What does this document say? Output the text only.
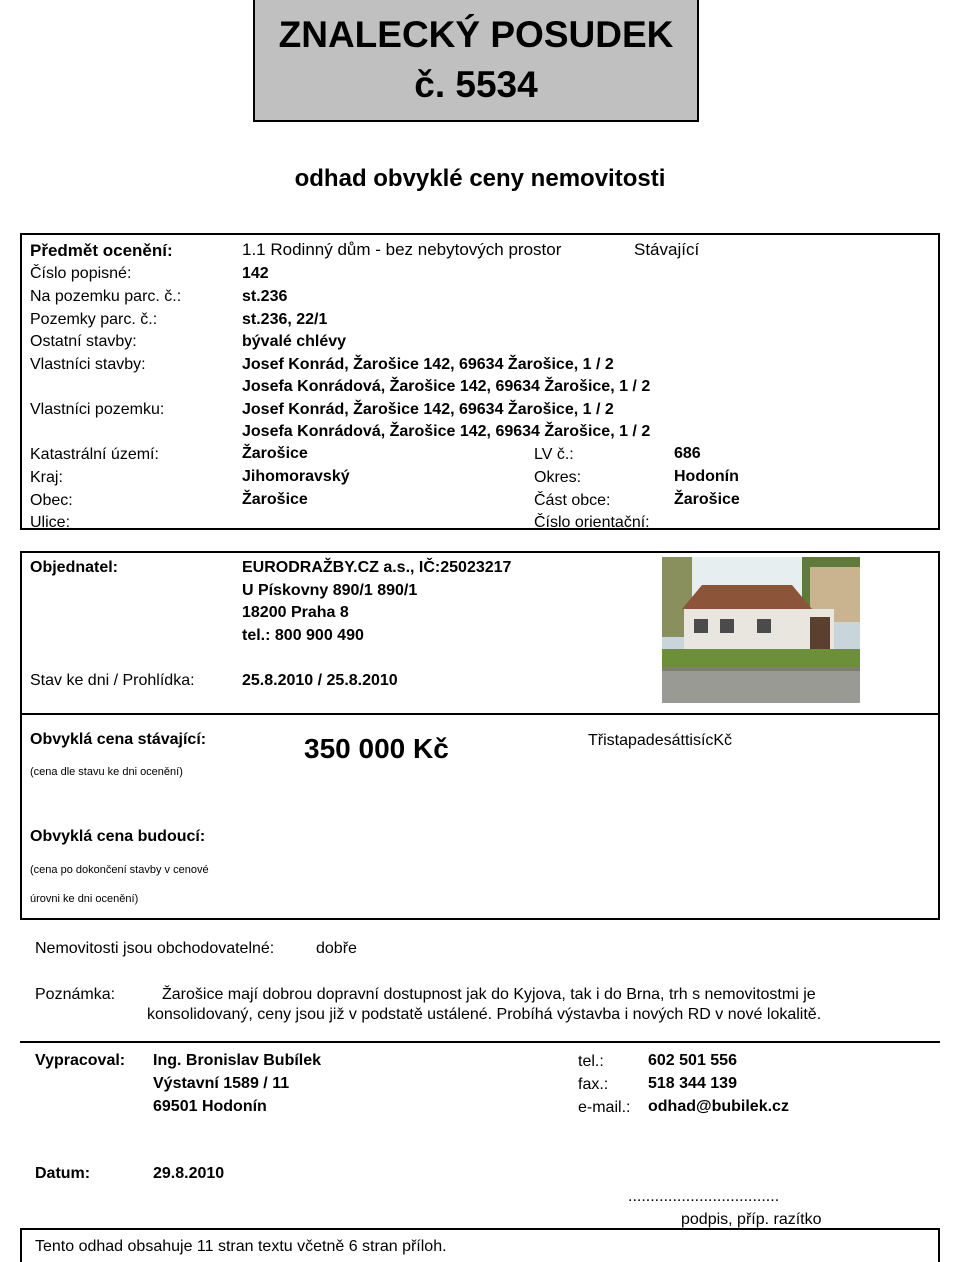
ZNALECKÝ POSUDEK
č. 5534
odhad obvyklé ceny nemovitosti
Předmět ocenění:	1.1 Rodinný dům - bez nebytových prostor	Stávající
Číslo popisné:	142
Na pozemku parc. č.:	st.236
Pozemky parc. č.:	st.236, 22/1
Ostatní stavby:	bývalé chlévy
Vlastníci stavby:	Josef Konrád, Žarošice 142, 69634 Žarošice, 1 / 2
Josefa Konrádová, Žarošice 142, 69634 Žarošice, 1 / 2
Vlastníci pozemku:	Josef Konrád, Žarošice 142, 69634 Žarošice, 1 / 2
Josefa Konrádová, Žarošice 142, 69634 Žarošice, 1 / 2
Katastrální území:	Žarošice	LV č.:	686
Kraj:	Jihomoravský	Okres:	Hodonín
Obec:	Žarošice	Část obce:	Žarošice
Ulice:	Číslo orientační:
Objednatel:	EURODRAŽBY.CZ a.s., IČ:25023217
U Pískovny 890/1 890/1
18200 Praha 8
tel.: 800 900 490
Stav ke dni / Prohlídka:	25.8.2010 / 25.8.2010
Obvyklá cena stávající:
(cena dle stavu ke dni ocenění)
350 000 Kč	TřistapadesáttisícKč
Obvyklá cena budoucí:
(cena po dokončení stavby v cenové
úrovni ke dni ocenění)
Nemovitosti jsou obchodovatelné:	dobře
Poznámka:	Žarošice mají dobrou dopravní dostupnost jak do Kyjova, tak i do Brna, trh s nemovitostmi je
konsolidovaný, ceny jsou již v podstatě ustálené. Probíhá výstavba i nových RD v nové lokalitě.
Vypracoval: Ing. Bronislav Bubílek
Výstavní 1589 / 11
69501 Hodonín
tel.:	602 501 556
fax.: 518 344 139
e-mail.: odhad@bubilek.cz
Datum:	29.8.2010
..................................
podpis, příp. razítko
Tento odhad obsahuje 11 stran textu včetně 6 stran příloh.
